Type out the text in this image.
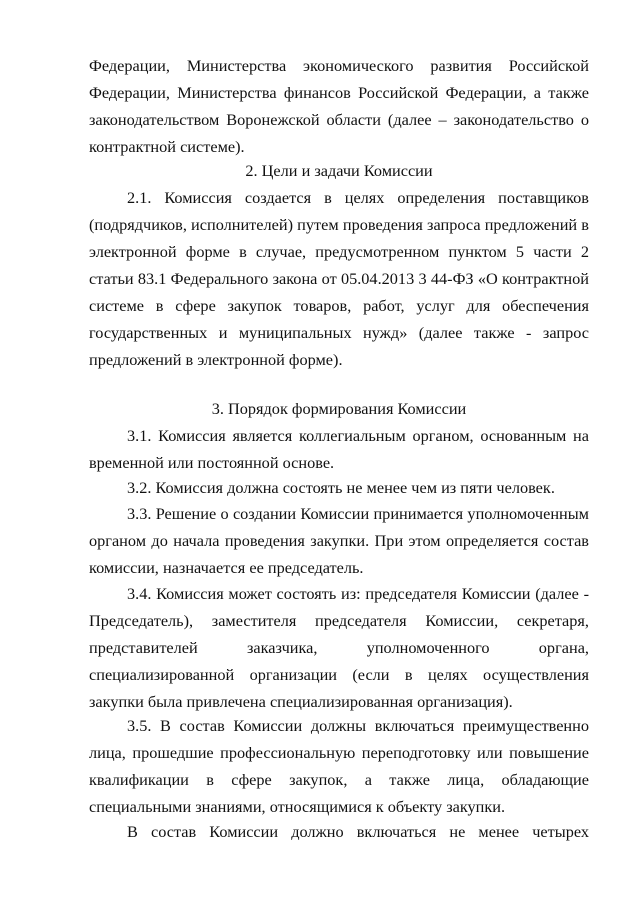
Федерации, Министерства экономического развития Российской Федерации, Министерства финансов Российской Федерации, а также законодательством Воронежской области (далее – законодательство о контрактной системе).

2. Цели и задачи Комиссии

2.1. Комиссия создается в целях определения поставщиков (подрядчиков, исполнителей) путем проведения запроса предложений в электронной форме в случае, предусмотренном пунктом 5 части 2 статьи 83.1 Федерального закона от 05.04.2013 3 44-ФЗ «О контрактной системе в сфере закупок товаров, работ, услуг для обеспечения государственных и муниципальных нужд» (далее также - запрос предложений в электронной форме).

3. Порядок формирования Комиссии

3.1. Комиссия является коллегиальным органом, основанным на временной или постоянной основе.

3.2. Комиссия должна состоять не менее чем из пяти человек.

3.3. Решение о создании Комиссии принимается уполномоченным органом до начала проведения закупки. При этом определяется состав комиссии, назначается ее председатель.

3.4. Комиссия может состоять из: председателя Комиссии (далее - Председатель), заместителя председателя Комиссии, секретаря, представителей заказчика, уполномоченного органа, специализированной организации (если в целях осуществления закупки была привлечена специализированная организация).

3.5. В состав Комиссии должны включаться преимущественно лица, прошедшие профессиональную переподготовку или повышение квалификации в сфере закупок, а также лица, обладающие специальными знаниями, относящимися к объекту закупки.

В состав Комиссии должно включаться не менее четырех
